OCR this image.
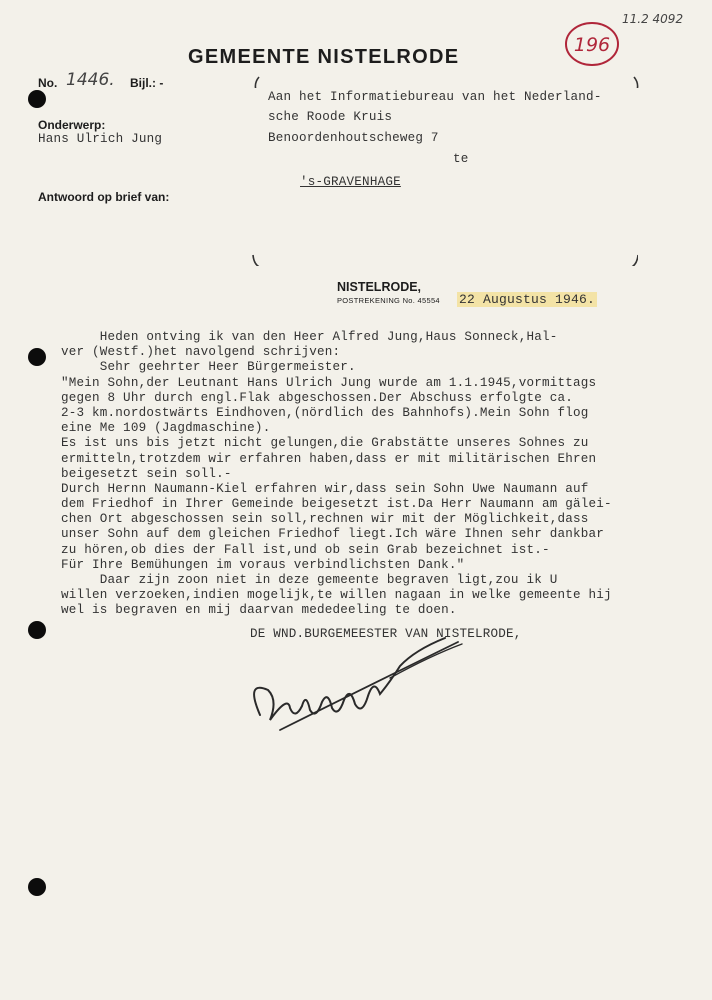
11.2 4092
196
GEMEENTE NISTELRODE
No. 1446. Bijl.: -
Onderwerp:
Hans Ulrich Jung
Antwoord op brief van:
Aan het Informatiebureau van het Nederland-
sche Roode Kruis
Benoordenhoutscheweg 7
te
's-GRAVENHAGE
NISTELRODE,

22 Augustus 1946.

POSTREKENING No. 45554
Heden ontving ik van den Heer Alfred Jung,Haus Sonneck,Hal-
ver (Westf.)het navolgend schrijven:
Sehr geehrter Heer Bürgermeister.
"Mein Sohn,der Leutnant Hans Ulrich Jung wurde am 1.1.1945,vormittags
gegen 8 Uhr durch engl.Flak abgeschossen.Der Abschuss erfolgte ca.
2-3 km.nordostwärts Eindhoven,(nördlich des Bahnhofs).Mein Sohn flog
eine Me 109 (Jagdmaschine).
Es ist uns bis jetzt nicht gelungen,die Grabstätte unseres Sohnes zu
ermitteln,trotzdem wir erfahren haben,dass er mit militärischen Ehren
beigesetzt sein soll.-
Durch Hernn Naumann-Kiel erfahren wir,dass sein Sohn Uwe Naumann auf
dem Friedhof in Ihrer Gemeinde beigesetzt ist.Da Herr Naumann am gälei-
chen Ort abgeschossen sein soll,rechnen wir mit der Möglichkeit,dass
unser Sohn auf dem gleichen Friedhof liegt.Ich wäre Ihnen sehr dankbar
zu hören,ob dies der Fall ist,und ob sein Grab bezeichnet ist.-
Für Ihre Bemühungen im voraus verbindlichsten Dank."
Daar zijn zoon niet in deze gemeente begraven ligt,zou ik U
willen verzoeken,indien mogelijk,te willen nagaan in welke gemeente hij
wel is begraven en mij daarvan mededeeling te doen.
DE WND.BURGEMEESTER VAN NISTELRODE,
